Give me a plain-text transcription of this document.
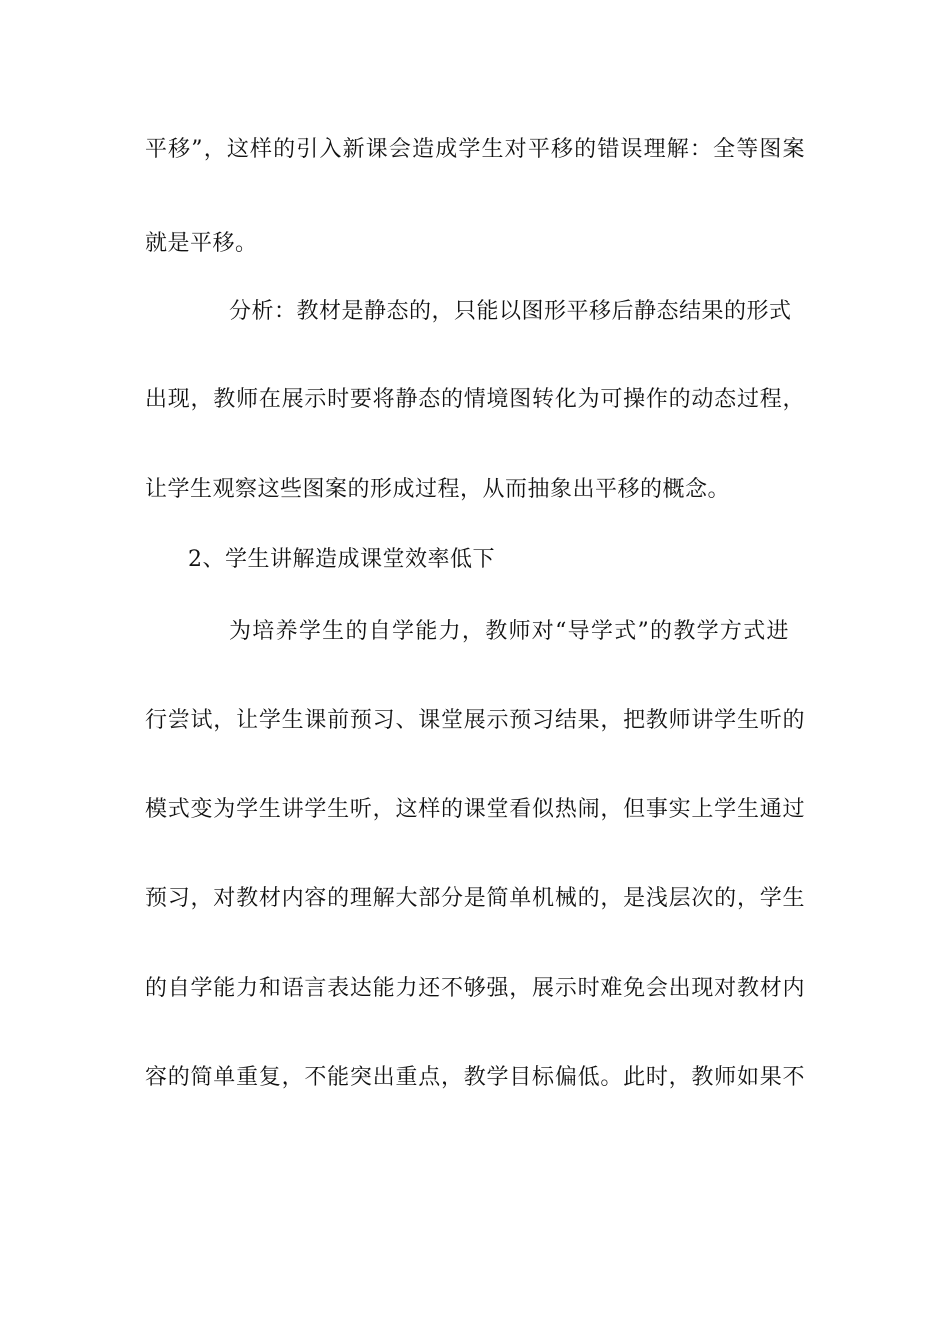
平移”，这样的引入新课会造成学生对平移的错误理解：全等图案
就是平移。
分析：教材是静态的，只能以图形平移后静态结果的形式
出现，教师在展示时要将静态的情境图转化为可操作的动态过程，
让学生观察这些图案的形成过程，从而抽象出平移的概念。
2、学生讲解造成课堂效率低下
为培养学生的自学能力，教师对“导学式”的教学方式进
行尝试，让学生课前预习、课堂展示预习结果，把教师讲学生听的
模式变为学生讲学生听，这样的课堂看似热闹，但事实上学生通过
预习，对教材内容的理解大部分是简单机械的，是浅层次的，学生
的自学能力和语言表达能力还不够强，展示时难免会出现对教材内
容的简单重复，不能突出重点，教学目标偏低。此时，教师如果不
